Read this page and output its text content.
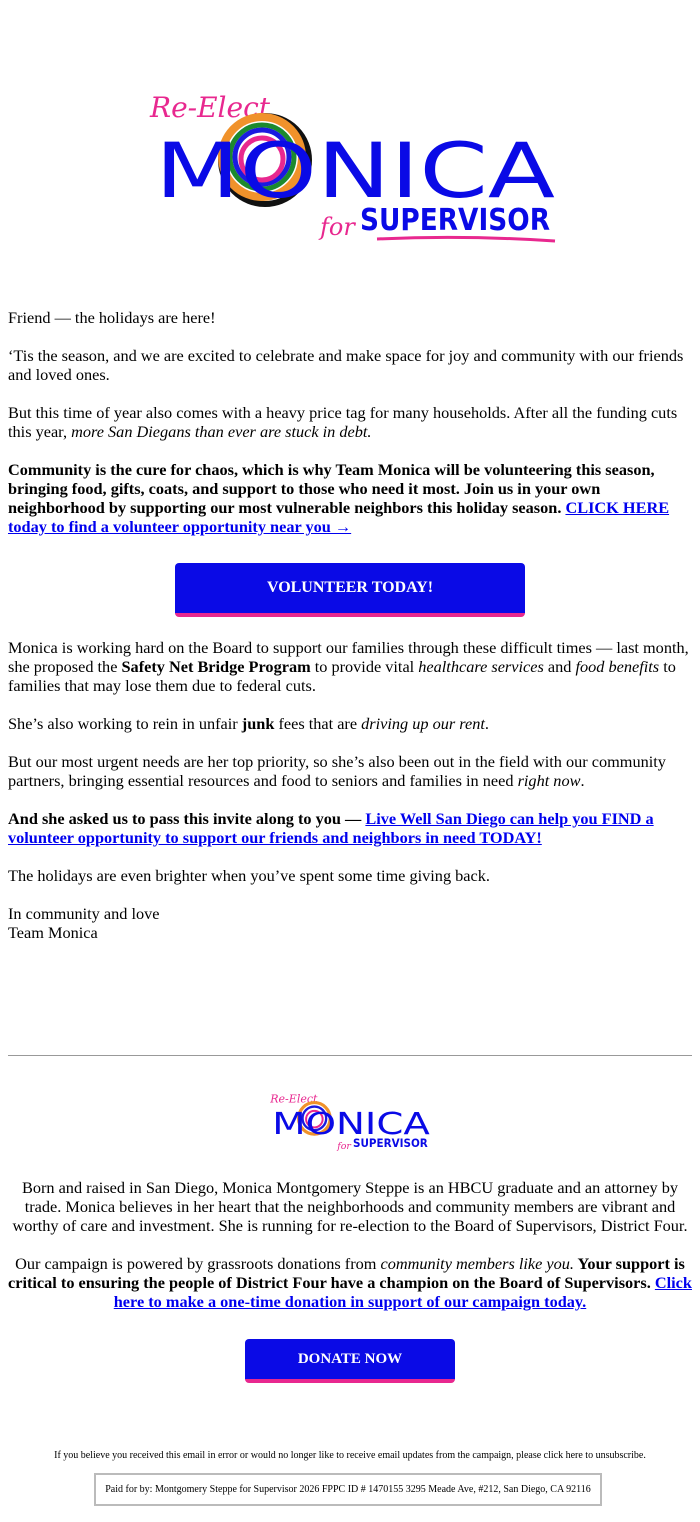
Re-Elect
MONICA
for SUPERVISOR

Friend — the holidays are here!

‘Tis the season, and we are excited to celebrate and make space for joy and community with our friends and loved ones.

But this time of year also comes with a heavy price tag for many households. After all the funding cuts this year, more San Diegans than ever are stuck in debt.

Community is the cure for chaos, which is why Team Monica will be volunteering this season, bringing food, gifts, coats, and support to those who need it most. Join us in your own neighborhood by supporting our most vulnerable neighbors this holiday season. CLICK HERE today to find a volunteer opportunity near you →

VOLUNTEER TODAY!

Monica is working hard on the Board to support our families through these difficult times — last month, she proposed the Safety Net Bridge Program to provide vital healthcare services and food benefits to families that may lose them due to federal cuts.

She’s also working to rein in unfair junk fees that are driving up our rent.

But our most urgent needs are her top priority, so she’s also been out in the field with our community partners, bringing essential resources and food to seniors and families in need right now.

And she asked us to pass this invite along to you — Live Well San Diego can help you FIND a volunteer opportunity to support our friends and neighbors in need TODAY!

The holidays are even brighter when you’ve spent some time giving back.

In community and love
Team Monica

Re-Elect
MONICA
for SUPERVISOR

Born and raised in San Diego, Monica Montgomery Steppe is an HBCU graduate and an attorney by trade. Monica believes in her heart that the neighborhoods and community members are vibrant and worthy of care and investment. She is running for re-election to the Board of Supervisors, District Four.

Our campaign is powered by grassroots donations from community members like you. Your support is critical to ensuring the people of District Four have a champion on the Board of Supervisors. Click here to make a one-time donation in support of our campaign today.

DONATE NOW
If you believe you received this email in error or would no longer like to receive email updates from the campaign, please click here to unsubscribe.
Paid for by: Montgomery Steppe for Supervisor 2026 FPPC ID # 1470155 3295 Meade Ave, #212, San Diego, CA 92116
